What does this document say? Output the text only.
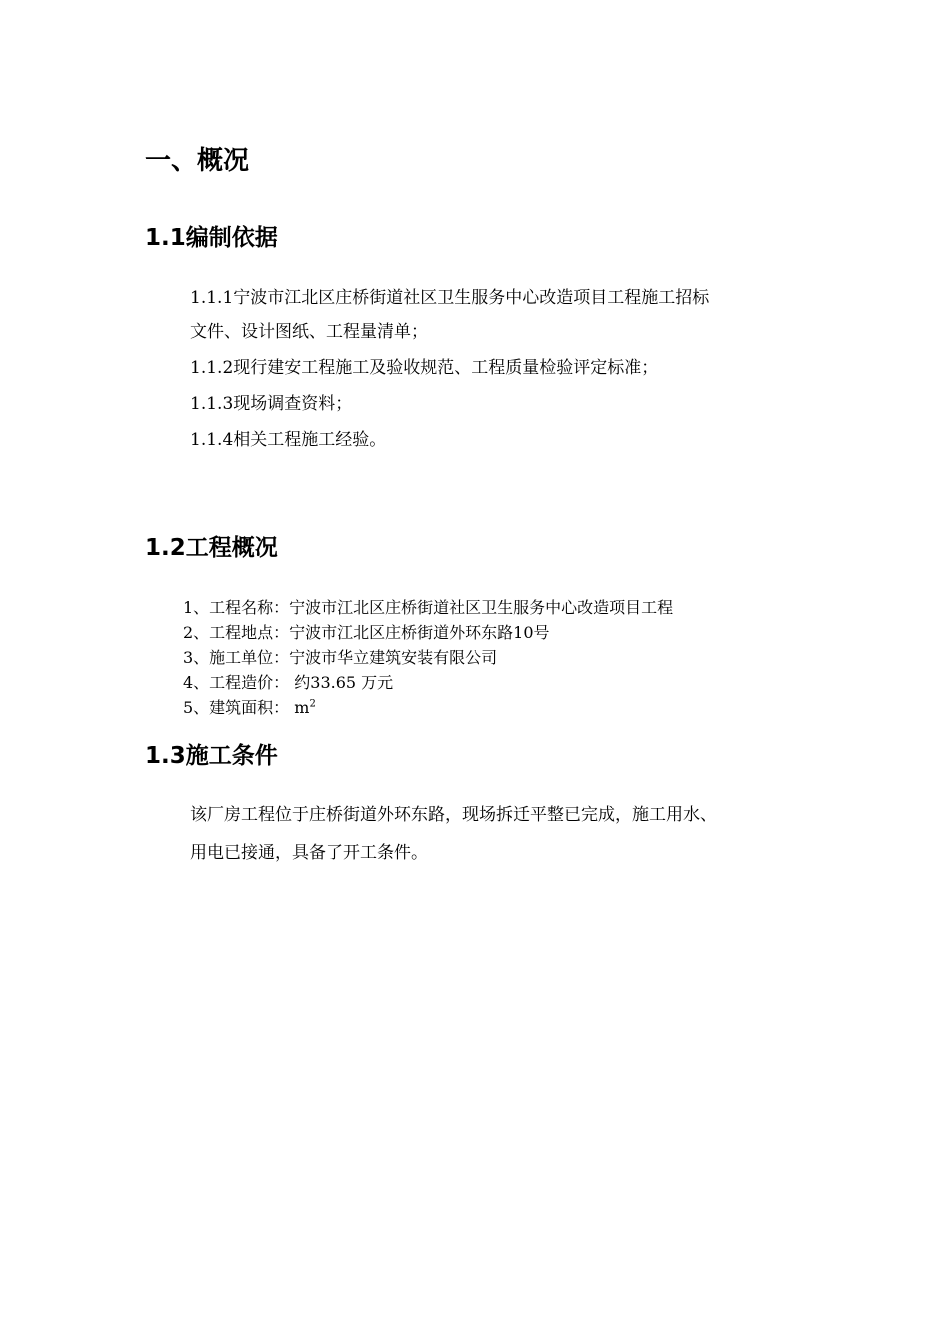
一、概况
1.1编制依据
1.1.1宁波市江北区庄桥街道社区卫生服务中心改造项目工程施工招标
文件、设计图纸、工程量清单；
1.1.2现行建安工程施工及验收规范、工程质量检验评定标准；
1.1.3现场调查资料；
1.1.4相关工程施工经验。
1.2工程概况
1、工程名称：宁波市江北区庄桥街道社区卫生服务中心改造项目工程
2、工程地点：宁波市江北区庄桥街道外环东路10号
3、施工单位：宁波市华立建筑安装有限公司
4、工程造价： 约33.65 万元
5、建筑面积： $m^2$
1.3施工条件
该厂房工程位于庄桥街道外环东路，现场拆迁平整已完成，施工用水、
用电已接通，具备了开工条件。
